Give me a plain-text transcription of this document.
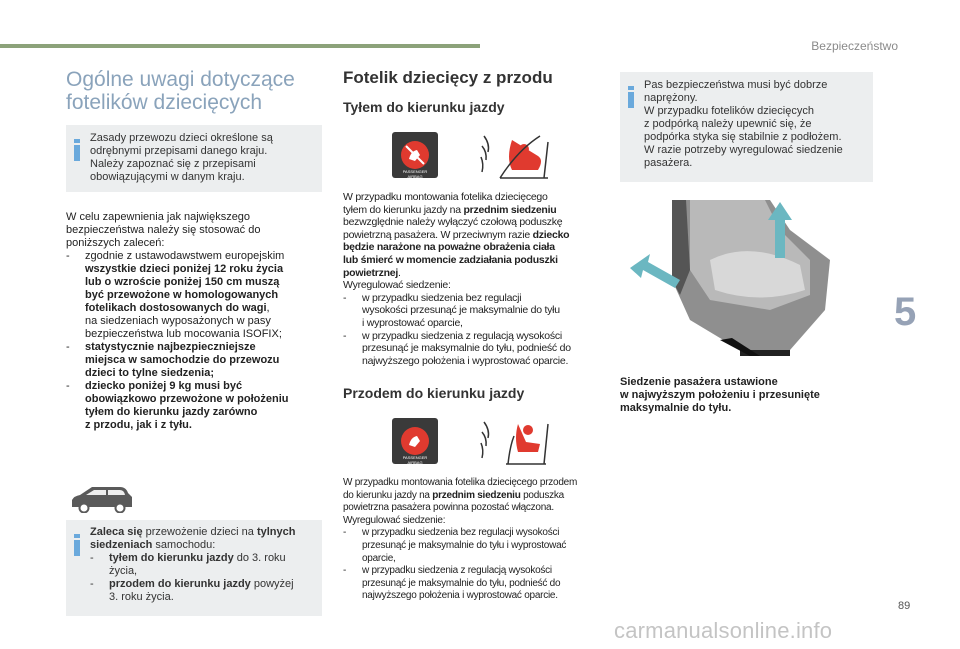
Bezpieczeństwo
5
89
carmanualsonline.info
Ogólne uwagi dotyczące
fotelików dziecięcych
Zasady przewozu dzieci określone są
odrębnymi przepisami danego kraju.
Należy zapoznać się z przepisami
obowiązującymi w danym kraju.
W celu zapewnienia jak największego
bezpieczeństwa należy się stosować do
poniższych zaleceń:
- zgodnie z ustawodawstwem europejskim
wszystkie dzieci poniżej 12 roku życia
lub o wzroście poniżej 150 cm muszą
być przewożone w homologowanych
fotelikach dostosowanych do wagi,
na siedzeniach wyposażonych w pasy
bezpieczeństwa lub mocowania ISOFIX;
- statystycznie najbezpieczniejsze
miejsca w samochodzie do przewozu
dzieci to tylne siedzenia;
- dziecko poniżej 9 kg musi być
obowiązkowo przewożone w położeniu
tyłem do kierunku jazdy zarówno
z przodu, jak i z tyłu.
Zaleca się przewożenie dzieci na tylnych
siedzeniach samochodu:
- tyłem do kierunku jazdy do 3. roku
życia,
- przodem do kierunku jazdy powyżej
3. roku życia.
Fotelik dziecięcy z przodu
Tyłem do kierunku jazdy
PASSENGER AIRBAG
W przypadku montowania fotelika dziecięcego
tyłem do kierunku jazdy na przednim siedzeniu
bezwzględnie należy wyłączyć czołową poduszkę
powietrzną pasażera. W przeciwnym razie dziecko
będzie narażone na poważne obrażenia ciała
lub śmierć w momencie zadziałania poduszki
powietrznej.
Wyregulować siedzenie:
- w przypadku siedzenia bez regulacji
wysokości przesunąć je maksymalnie do tyłu
i wyprostować oparcie,
- w przypadku siedzenia z regulacją wysokości
przesunąć je maksymalnie do tyłu, podnieść do
najwyższego położenia i wyprostować oparcie.
Przodem do kierunku jazdy
PASSENGER AIRBAG
W przypadku montowania fotelika dziecięcego przodem
do kierunku jazdy na przednim siedzeniu poduszka
powietrzna pasażera powinna pozostać włączona.
Wyregulować siedzenie:
- w przypadku siedzenia bez regulacji wysokości
przesunąć je maksymalnie do tyłu i wyprostować
oparcie,
- w przypadku siedzenia z regulacją wysokości
przesunąć je maksymalnie do tyłu, podnieść do
najwyższego położenia i wyprostować oparcie.
Pas bezpieczeństwa musi być dobrze
naprężony.
W przypadku fotelików dziecięcych
z podpórką należy upewnić się, że
podpórka styka się stabilnie z podłożem.
W razie potrzeby wyregulować siedzenie
pasażera.
Siedzenie pasażera ustawione
w najwyższym położeniu i przesunięte
maksymalnie do tyłu.
